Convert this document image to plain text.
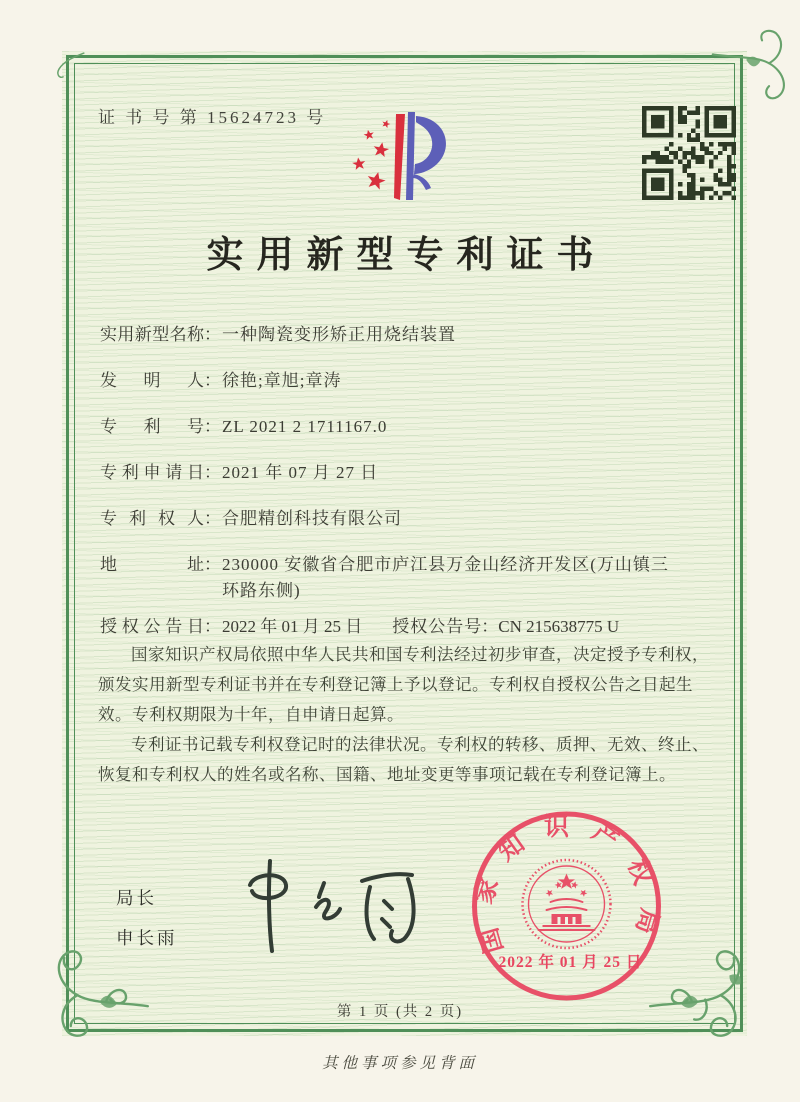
证 书 号 第 15624723 号
实用新型专利证书
实用新型名称 ： 一种陶瓷变形矫正用烧结装置
发明人 ： 徐艳;章旭;章涛
专利号 ： ZL 2021 2 1711167.0
专利申请日 ： 2021 年 07 月 27 日
专利权人 ： 合肥精创科技有限公司
地址 ： 230000 安徽省合肥市庐江县万金山经济开发区(万山镇三环路东侧)
授权公告日 ： 2022 年 01 月 25 日 授权公告号 ： CN 215638775 U

国家知识产权局依照中华人民共和国专利法经过初步审查，决定授予专利权，颁发实用新型专利证书并在专利登记簿上予以登记。专利权自授权公告之日起生效。专利权期限为十年，自申请日起算。

专利证书记载专利权登记时的法律状况。专利权的转移、质押、无效、终止、恢复和专利权人的姓名或名称、国籍、地址变更等事项记载在专利登记簿上。

局长
申长雨	国家知识产权局
2022 年 01 月 25 日
第 1 页 (共 2 页)
其他事项参见背面
